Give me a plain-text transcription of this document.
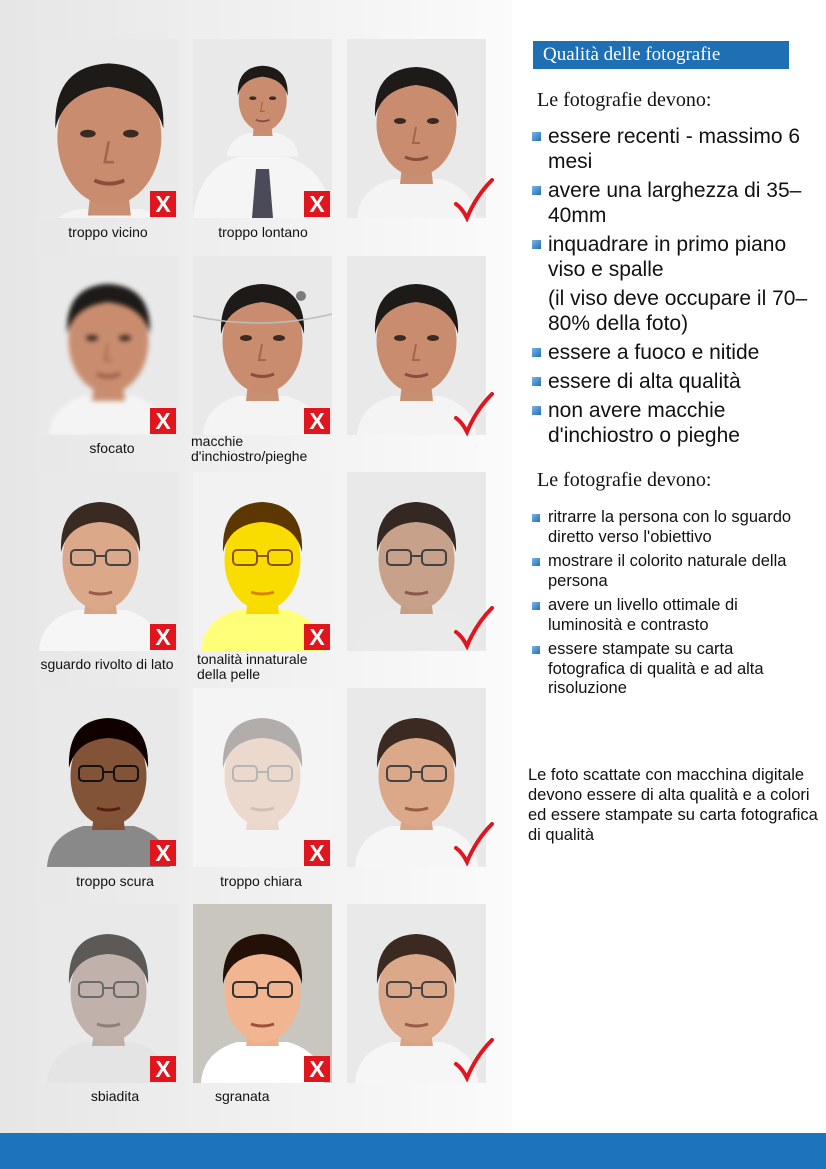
X	X
troppo vicino	troppo lontano
X	X
sfocato	macchie
d'inchiostro/pieghe
X	X
sguardo rivolto di lato	tonalità innaturale
della pelle
X	X
troppo scura	troppo chiara
X	X
sbiadita	sgranata
Qualità delle fotografie
Le fotografie devono:
essere recenti - massimo 6 mesi
avere una larghezza di 35–40mm
inquadrare in primo piano viso e spalle
(il viso deve occupare il 70–80% della foto)
essere a fuoco e nitide
essere di alta qualità
non avere macchie d'inchiostro o pieghe
Le fotografie devono:
ritrarre la persona con lo sguardo diretto verso l'obiettivo
mostrare il colorito naturale della persona
avere un livello ottimale di luminosità e contrasto
essere stampate su carta fotografica di qualità e ad alta risoluzione
Le foto scattate con macchina digitale devono essere di alta qualità e a colori ed essere stampate su carta fotografica di qualità
